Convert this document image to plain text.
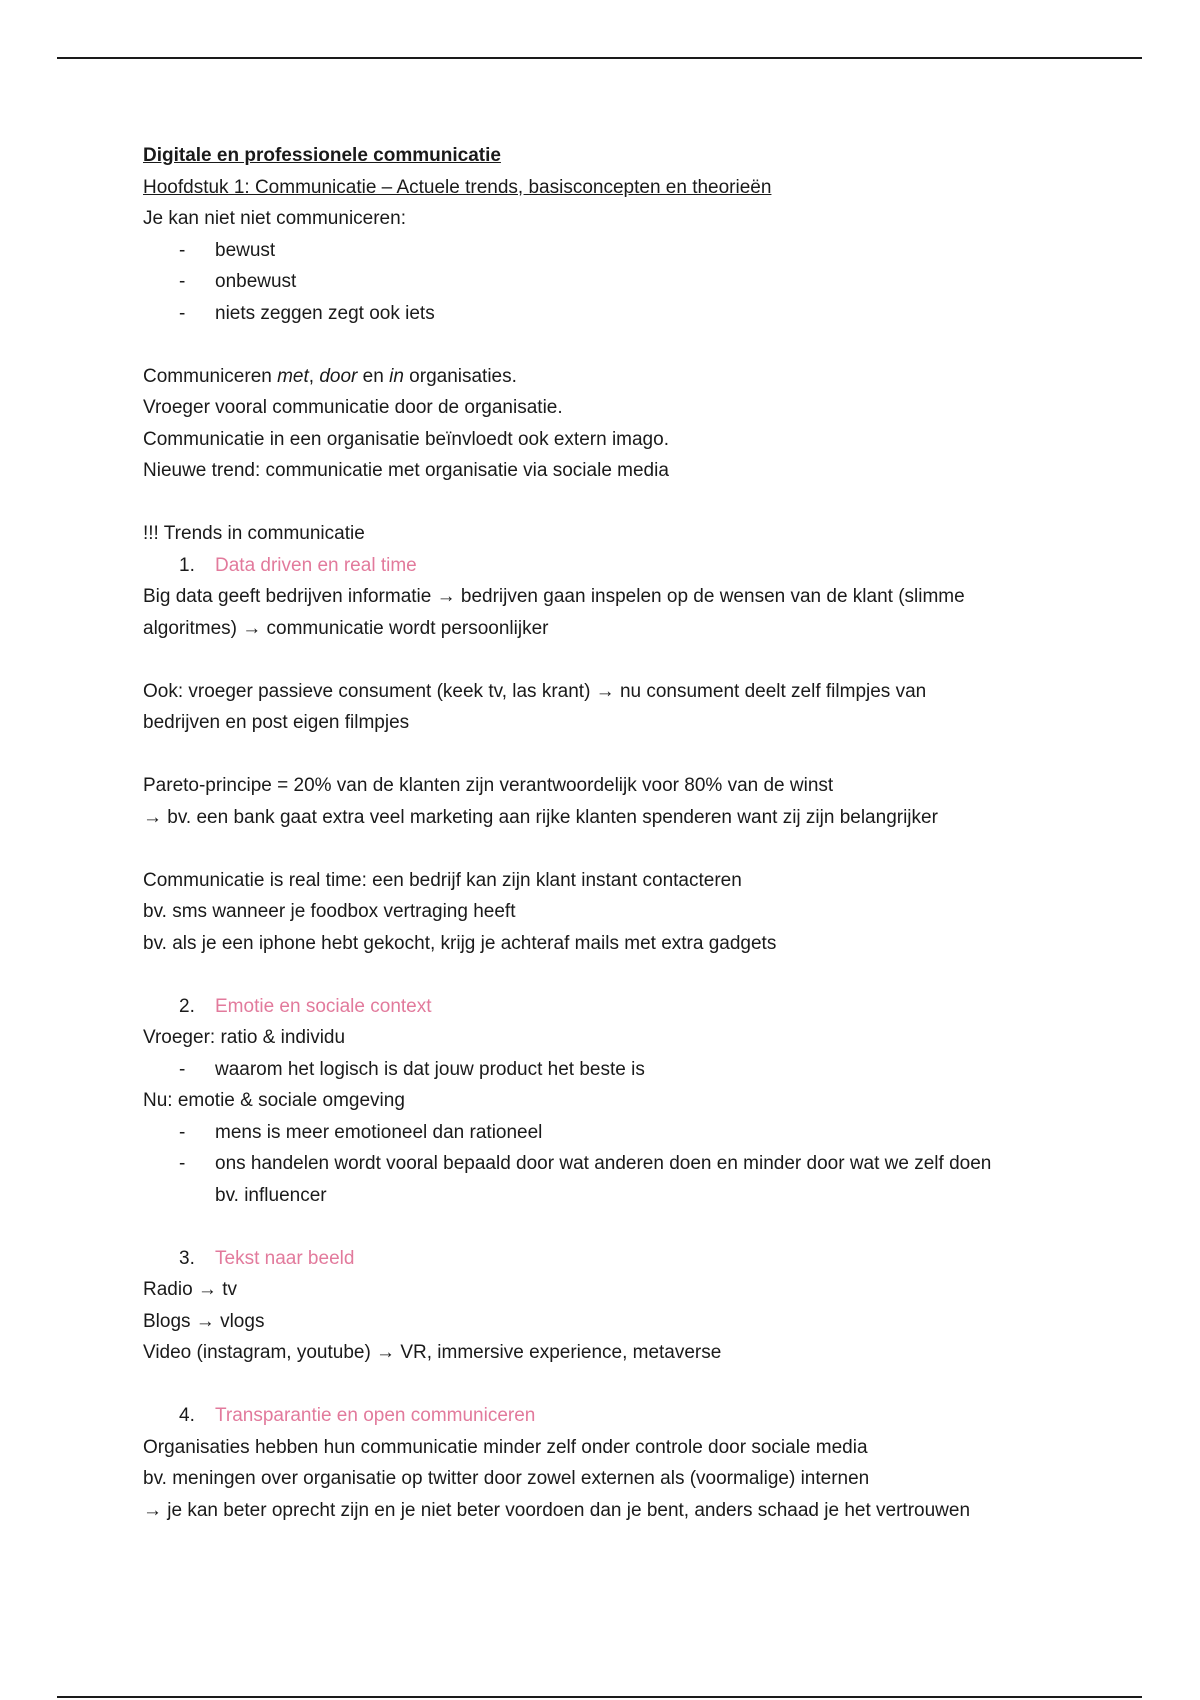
Digitale en professionele communicatie
Hoofdstuk 1: Communicatie – Actuele trends, basisconcepten en theorieën
Je kan niet niet communiceren:
- bewust
- onbewust
- niets zeggen zegt ook iets
Communiceren met, door en in organisaties.
Vroeger vooral communicatie door de organisatie.
Communicatie in een organisatie beïnvloedt ook extern imago.
Nieuwe trend: communicatie met organisatie via sociale media
!!! Trends in communicatie
1. Data driven en real time
Big data geeft bedrijven informatie → bedrijven gaan inspelen op de wensen van de klant (slimme
algoritmes) → communicatie wordt persoonlijker
Ook: vroeger passieve consument (keek tv, las krant) → nu consument deelt zelf filmpjes van
bedrijven en post eigen filmpjes
Pareto-principe = 20% van de klanten zijn verantwoordelijk voor 80% van de winst
→ bv. een bank gaat extra veel marketing aan rijke klanten spenderen want zij zijn belangrijker
Communicatie is real time: een bedrijf kan zijn klant instant contacteren
bv. sms wanneer je foodbox vertraging heeft
bv. als je een iphone hebt gekocht, krijg je achteraf mails met extra gadgets
2. Emotie en sociale context
Vroeger: ratio & individu
- waarom het logisch is dat jouw product het beste is
Nu: emotie & sociale omgeving
- mens is meer emotioneel dan rationeel
- ons handelen wordt vooral bepaald door wat anderen doen en minder door wat we zelf doen
bv. influencer
3. Tekst naar beeld
Radio → tv
Blogs → vlogs
Video (instagram, youtube) → VR, immersive experience, metaverse
4. Transparantie en open communiceren
Organisaties hebben hun communicatie minder zelf onder controle door sociale media
bv. meningen over organisatie op twitter door zowel externen als (voormalige) internen
→ je kan beter oprecht zijn en je niet beter voordoen dan je bent, anders schaad je het vertrouwen
